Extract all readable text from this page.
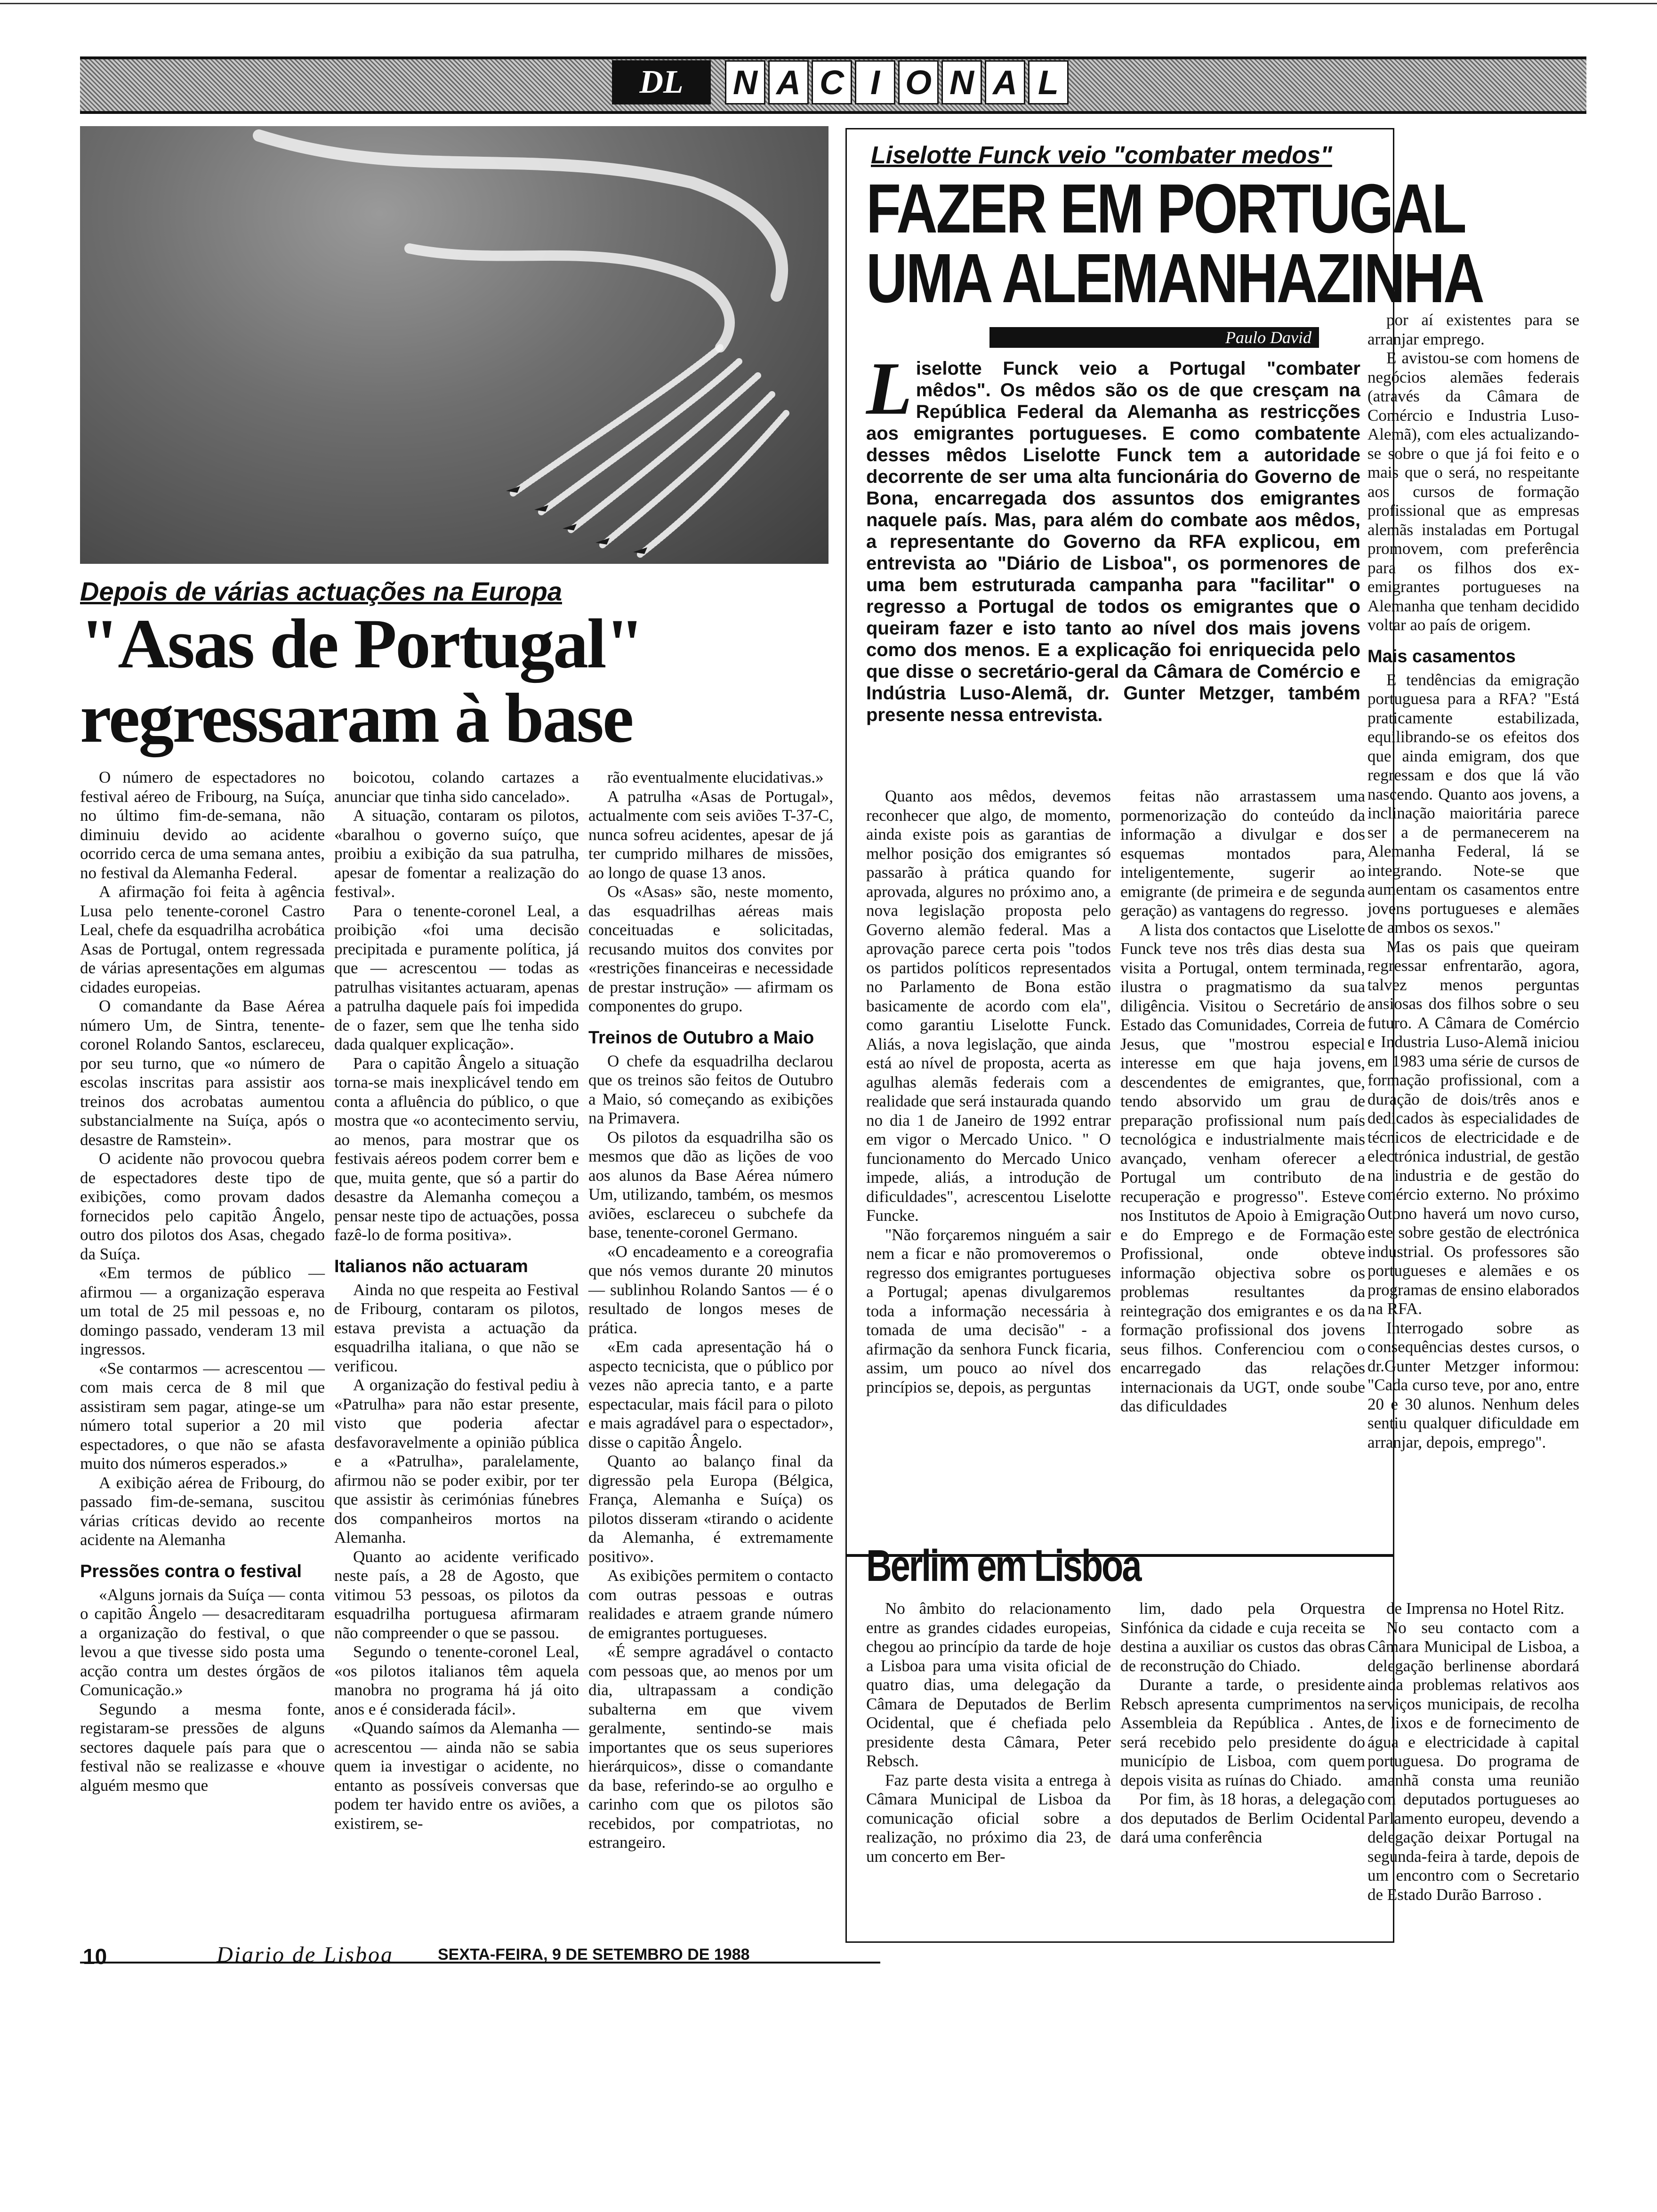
DL	N A C I O N A L
Depois de várias actuações na Europa
"Asas de Portugal" regressaram à base

O número de espectadores no festival aéreo de Fribourg, na Suíça, no último fim-de-semana, não diminuiu devido ao acidente ocorrido cerca de uma semana antes, no festival da Alemanha Federal.

A afirmação foi feita à agência Lusa pelo tenente-coronel Castro Leal, chefe da esquadrilha acrobática Asas de Portugal, ontem regressada de várias apresentações em algumas cidades europeias.

O comandante da Base Aérea número Um, de Sintra, tenente-coronel Rolando Santos, esclareceu, por seu turno, que «o número de escolas inscritas para assistir aos treinos dos acrobatas aumentou substancialmente na Suíça, após o desastre de Ramstein».

O acidente não provocou quebra de espectadores deste tipo de exibições, como provam dados fornecidos pelo capitão Ângelo, outro dos pilotos dos Asas, chegado da Suíça.

«Em termos de público — afirmou — a organização esperava um total de 25 mil pessoas e, no domingo passado, venderam 13 mil ingressos.

«Se contarmos — acrescentou — com mais cerca de 8 mil que assistiram sem pagar, atinge-se um número total superior a 20 mil espectadores, o que não se afasta muito dos números esperados.»

A exibição aérea de Fribourg, do passado fim-de-semana, suscitou várias críticas devido ao recente acidente na Alemanha

Pressões contra o festival

«Alguns jornais da Suíça — conta o capitão Ângelo — desacreditaram a organização do festival, o que levou a que tivesse sido posta uma acção contra um destes órgãos de Comunicação.»

Segundo a mesma fonte, registaram-se pressões de alguns sectores daquele país para que o festival não se realizasse e «houve alguém mesmo que

boicotou, colando cartazes a anunciar que tinha sido cancelado».

A situação, contaram os pilotos, «baralhou o governo suíço, que proibiu a exibição da sua patrulha, apesar de fomentar a realização do festival».

Para o tenente-coronel Leal, a proibição «foi uma decisão precipitada e puramente política, já que — acrescentou — todas as patrulhas visitantes actuaram, apenas a patrulha daquele país foi impedida de o fazer, sem que lhe tenha sido dada qualquer explicação».

Para o capitão Ângelo a situação torna-se mais inexplicável tendo em conta a afluência do público, o que mostra que «o acontecimento serviu, ao menos, para mostrar que os festivais aéreos podem correr bem e que, muita gente, que só a partir do desastre da Alemanha começou a pensar neste tipo de actuações, possa fazê-lo de forma positiva».

Italianos não actuaram

Ainda no que respeita ao Festival de Fribourg, contaram os pilotos, estava prevista a actuação da esquadrilha italiana, o que não se verificou.

A organização do festival pediu à «Patrulha» para não estar presente, visto que poderia afectar desfavoravelmente a opinião pública e a «Patrulha», paralelamente, afirmou não se poder exibir, por ter que assistir às cerimónias fúnebres dos companheiros mortos na Alemanha.

Quanto ao acidente verificado neste país, a 28 de Agosto, que vitimou 53 pessoas, os pilotos da esquadrilha portuguesa afirmaram não compreender o que se passou.

Segundo o tenente-coronel Leal, «os pilotos italianos têm aquela manobra no programa há já oito anos e é considerada fácil».

«Quando saímos da Alemanha — acrescentou — ainda não se sabia quem ia investigar o acidente, no entanto as possíveis conversas que podem ter havido entre os aviões, a existirem, se-

rão eventualmente elucidativas.»

A patrulha «Asas de Portugal», actualmente com seis aviões T-37-C, nunca sofreu acidentes, apesar de já ter cumprido milhares de missões, ao longo de quase 13 anos.

Os «Asas» são, neste momento, das esquadrilhas aéreas mais conceituadas e solicitadas, recusando muitos dos convites por «restrições financeiras e necessidade de prestar instrução» — afirmam os componentes do grupo.

Treinos de Outubro a Maio

O chefe da esquadrilha declarou que os treinos são feitos de Outubro a Maio, só começando as exibições na Primavera.

Os pilotos da esquadrilha são os mesmos que dão as lições de voo aos alunos da Base Aérea número Um, utilizando, também, os mesmos aviões, esclareceu o subchefe da base, tenente-coronel Germano.

«O encadeamento e a coreografia que nós vemos durante 20 minutos — sublinhou Rolando Santos — é o resultado de longos meses de prática.

«Em cada apresentação há o aspecto tecnicista, que o público por vezes não aprecia tanto, e a parte espectacular, mais fácil para o piloto e mais agradável para o espectador», disse o capitão Ângelo.

Quanto ao balanço final da digressão pela Europa (Bélgica, França, Alemanha e Suíça) os pilotos disseram «tirando o acidente da Alemanha, é extremamente positivo».

As exibições permitem o contacto com outras pessoas e outras realidades e atraem grande número de emigrantes portugueses.

«É sempre agradável o contacto com pessoas que, ao menos por um dia, ultrapassam a condição subalterna em que vivem geralmente, sentindo-se mais importantes que os seus superiores hierárquicos», disse o comandante da base, referindo-se ao orgulho e carinho com que os pilotos são recebidos, por compatriotas, no estrangeiro.

Liselotte Funck veio "combater medos"
FAZER EM PORTUGAL
UMA ALEMANHAZINHA
Paulo David
Liselotte Funck veio a Portugal "combater mêdos". Os mêdos são os de que cresçam na República Federal da Alemanha as restricções aos emigrantes portugueses. E como combatente desses mêdos Liselotte Funck tem a autoridade decorrente de ser uma alta funcionária do Governo de Bona, encarregada dos assuntos dos emigrantes naquele país. Mas, para além do combate aos mêdos, a representante do Governo da RFA explicou, em entrevista ao "Diário de Lisboa", os pormenores de uma bem estruturada campanha para "facilitar" o regresso a Portugal de todos os emigrantes que o queiram fazer e isto tanto ao nível dos mais jovens como dos menos. E a explicação foi enriquecida pelo que disse o secretário-geral da Câmara de Comércio e Indústria Luso-Alemã, dr. Gunter Metzger, também presente nessa entrevista.

Quanto aos mêdos, devemos reconhecer que algo, de momento, ainda existe pois as garantias de melhor posição dos emigrantes só passarão à prática quando for aprovada, algures no próximo ano, a nova legislação proposta pelo Governo alemão federal. Mas a aprovação parece certa pois "todos os partidos políticos representados no Parlamento de Bona estão basicamente de acordo com ela", como garantiu Liselotte Funck. Aliás, a nova legislação, que ainda está ao nível de proposta, acerta as agulhas alemãs federais com a realidade que será instaurada quando no dia 1 de Janeiro de 1992 entrar em vigor o Mercado Unico. " O funcionamento do Mercado Unico impede, aliás, a introdução de dificuldades", acrescentou Liselotte Funcke.

"Não forçaremos ninguém a sair nem a ficar e não promoveremos o regresso dos emigrantes portugueses a Portugal; apenas divulgaremos toda a informação necessária à tomada de uma decisão" - a afirmação da senhora Funck ficaria, assim, um pouco ao nível dos princípios se, depois, as perguntas

feitas não arrastassem uma pormenorização do conteúdo da informação a divulgar e dos esquemas montados para, inteligentemente, sugerir ao emigrante (de primeira e de segunda geração) as vantagens do regresso.

A lista dos contactos que Liselotte Funck teve nos três dias desta sua visita a Portugal, ontem terminada, ilustra o pragmatismo da sua diligência. Visitou o Secretário de Estado das Comunidades, Correia de Jesus, que "mostrou especial interesse em que haja jovens, descendentes de emigrantes, que, tendo absorvido um grau de preparação profissional num país tecnológica e industrialmente mais avançado, venham oferecer a Portugal um contributo de recuperação e progresso". Esteve nos Institutos de Apoio à Emigração e do Emprego e de Formação Profissional, onde obteve informação objectiva sobre os problemas resultantes da reintegração dos emigrantes e os da formação profissional dos jovens seus filhos. Conferenciou com o encarregado das relações internacionais da UGT, onde soube das dificuldades

por aí existentes para se arranjar emprego.

E avistou-se com homens de negócios alemães federais (através da Câmara de Comércio e Industria Luso-Alemã), com eles actualizando-se sobre o que já foi feito e o mais que o será, no respeitante aos cursos de formação profissional que as empresas alemãs instaladas em Portugal promovem, com preferência para os filhos dos ex-emigrantes portugueses na Alemanha que tenham decidido voltar ao país de origem.

Mais casamentos

E tendências da emigração portuguesa para a RFA? "Está praticamente estabilizada, equilibrando-se os efeitos dos que ainda emigram, dos que regressam e dos que lá vão nascendo. Quanto aos jovens, a inclinação maioritária parece ser a de permanecerem na Alemanha Federal, lá se integrando. Note-se que aumentam os casamentos entre jovens portugueses e alemães de ambos os sexos."

Mas os pais que queiram regressar enfrentarão, agora, talvez menos perguntas ansiosas dos filhos sobre o seu futuro. A Câmara de Comércio e Industria Luso-Alemã iniciou em 1983 uma série de cursos de formação profissional, com a duração de dois/três anos e dedicados às especialidades de técnicos de electricidade e de electrónica industrial, de gestão na industria e de gestão do comércio externo. No próximo Outono haverá um novo curso, este sobre gestão de electrónica industrial. Os professores são portugueses e alemães e os programas de ensino elaborados na RFA.

Interrogado sobre as consequências destes cursos, o dr.Gunter Metzger informou: "Cada curso teve, por ano, entre 20 e 30 alunos. Nenhum deles sentiu qualquer dificuldade em arranjar, depois, emprego".

Berlim em Lisboa

No âmbito do relacionamento entre as grandes cidades europeias, chegou ao princípio da tarde de hoje a Lisboa para uma visita oficial de quatro dias, uma delegação da Câmara de Deputados de Berlim Ocidental, que é chefiada pelo presidente desta Câmara, Peter Rebsch.

Faz parte desta visita a entrega à Câmara Municipal de Lisboa da comunicação oficial sobre a realização, no próximo dia 23, de um concerto em Ber-

lim, dado pela Orquestra Sinfónica da cidade e cuja receita se destina a auxiliar os custos das obras de reconstrução do Chiado.

Durante a tarde, o presidente Rebsch apresenta cumprimentos na Assembleia da República . Antes, será recebido pelo presidente do município de Lisboa, com quem depois visita as ruínas do Chiado.

Por fim, às 18 horas, a delegação dos deputados de Berlim Ocidental dará uma conferência

de Imprensa no Hotel Ritz.

No seu contacto com a Câmara Municipal de Lisboa, a delegação berlinense abordará ainda problemas relativos aos serviços municipais, de recolha de lixos e de fornecimento de água e electricidade à capital portuguesa. Do programa de amanhã consta uma reunião com deputados portugueses ao Parlamento europeu, devendo a delegação deixar Portugal na segunda-feira à tarde, depois de um encontro com o Secretario de Estado Durão Barroso .

10	Diario de Lisboa	SEXTA-FEIRA, 9 DE SETEMBRO DE 1988
